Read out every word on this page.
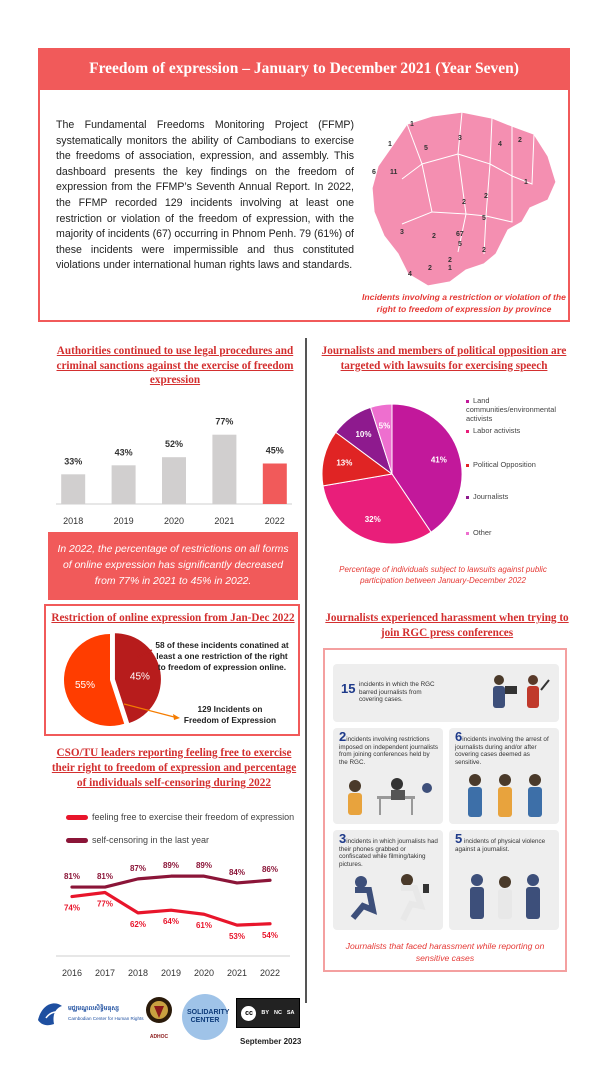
Freedom of expression – January to December 2021 (Year Seven)
The Fundamental Freedoms Monitoring Project (FFMP) systematically monitors the ability of Cambodians to exercise the freedoms of association, expression, and assembly. This dashboard presents the key findings on the freedom of expression from the FFMP’s Seventh Annual Report. In 2022, the FFMP recorded 129 incidents involving at least one restriction or violation of the freedom of expression, with the majority of incidents (67) occurring in Phnom Penh. 79 (61%) of these incidents were impermissible and thus constituted violations under international human rights laws and standards.
1
1
5
3
4
2
6 11
1
2
2
5
3
2	67
5
2
2
1
4
2
Incidents involving a restriction or violation of the right to freedom of expression by province
Authorities continued to use legal procedures and criminal sanctions against the exercise of freedom expression
33%
2018
43%
2019
52%
2020
77%
2021
45%
2022
In 2022, the percentage of restrictions on all forms of online expression has significantly decreased from 77% in 2021 to 45% in 2022.
Journalists and members of political opposition are targeted with lawsuits for exercising speech
41%
32%
13%
10%
5%
Land communities/environmental activists
Labor activists
Political Opposition
Journalists
Other
Percentage of individuals subject to lawsuits against public participation between January-December 2022
Restriction of online expression from Jan-Dec 2022
45%
55%
58 of these incidents conatined at least a one restriction of the right to freedom of expression online.
129 Incidents on Freedom of Expression
CSO/TU leaders reporting feeling free to exercise their right to freedom of expression and percentage of individuals self-censoring during 2022
feeling free to exercise their freedom of expression
self-censoring in the last year
74% 77%
62% 64% 61%
53% 54%
81% 81%
87% 89% 89%
84% 86%
2016 2017 2018 2019 2020 2021 2022
Journalists experienced harassment when trying to join RGC press conferences
15 incidents in which the RGC barred journalists from covering cases.
2incidents involving restrictions imposed on independent journalists from joining conferences held by the RGC.
6incidents involving the arrest of journalists during and/or after covering cases deemed as sensitive.
3incidents in which journalists had their phones grabbed or confiscated while filming/taking pictures.
5 incidents of physical violence against a journalist.
Journalists that faced harassment while reporting on sensitive cases
មជ្ឈមណ្ឌលសិទ្ធិមនុស្ស
Cambodian Center for Human Rights
ADHOC
SOLIDARITY CENTER
cc	BY NC SA
September 2023
